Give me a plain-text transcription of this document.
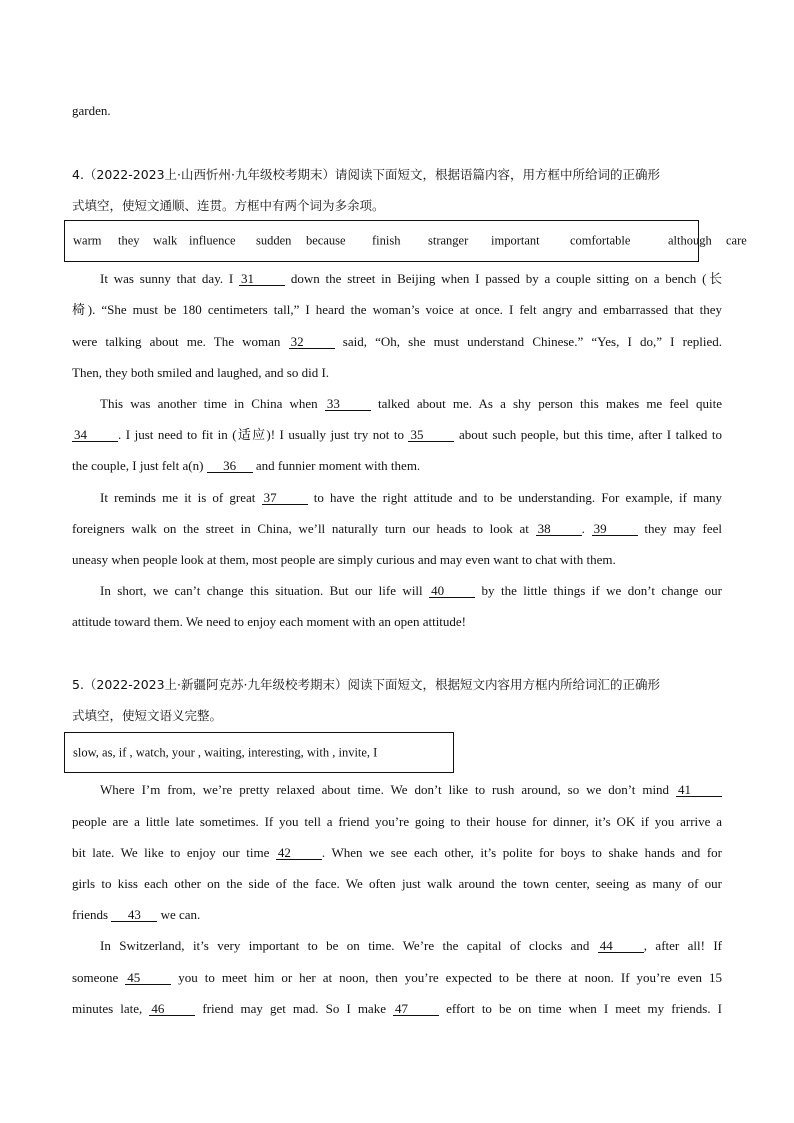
garden.
4.（2022-2023上·山西忻州·九年级校考期末）请阅读下面短文，根据语篇内容，用方框中所给词的正确形
式填空，使短文通顺、连贯。方框中有两个词为多余项。
warm they walk influence sudden because finish stranger important comfortable	although care
It was sunny that day. I 31 down the street in Beijing when I passed by a couple sitting on a bench (长
椅). “She must be 180 centimeters tall,” I heard the woman’s voice at once. I felt angry and embarrassed that they
were talking about me. The woman 32 said, “Oh, she must understand Chinese.” “Yes, I do,” I replied.
Then, they both smiled and laughed, and so did I.
This was another time in China when 33 talked about me. As a shy person this makes me feel quite
34 . I just need to fit in (适应)! I usually just try not to 35 about such people, but this time, after I talked to
the couple, I just felt a(n) 36 and funnier moment with them.
It reminds me it is of great 37 to have the right attitude and to be understanding. For example, if many
foreigners walk on the street in China, we’ll naturally turn our heads to look at 38 . 39 they may feel
uneasy when people look at them, most people are simply curious and may even want to chat with them.
In short, we can’t change this situation. But our life will 40 by the little things if we don’t change our
attitude toward them. We need to enjoy each moment with an open attitude!
5.（2022-2023上·新疆阿克苏·九年级校考期末）阅读下面短文，根据短文内容用方框内所给词汇的正确形
式填空，使短文语义完整。
slow, as, if , watch, your , waiting, interesting, with , invite, I
Where I’m from, we’re pretty relaxed about time. We don’t like to rush around, so we don’t mind 41
people are a little late sometimes. If you tell a friend you’re going to their house for dinner, it’s OK if you arrive a
bit late. We like to enjoy our time 42 . When we see each other, it’s polite for boys to shake hands and for
girls to kiss each other on the side of the face. We often just walk around the town center, seeing as many of our
friends 43 we can.
In Switzerland, it’s very important to be on time. We’re the capital of clocks and 44 , after all! If
someone 45 you to meet him or her at noon, then you’re expected to be there at noon. If you’re even 15
minutes late, 46 friend may get mad. So I make 47 effort to be on time when I meet my friends. I
